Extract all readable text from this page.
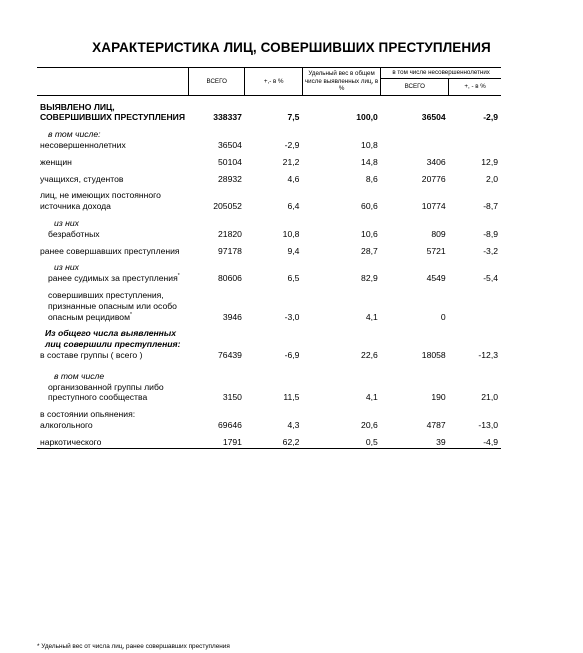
ХАРАКТЕРИСТИКА ЛИЦ, СОВЕРШИВШИХ ПРЕСТУПЛЕНИЯ
	ВСЕГО	+,- в %	Удельный вес в общем числе выявленных лиц, в %	в том числе несовершеннолетних	
				ВСЕГО	+, - в %
ВЫЯВЛЕНО ЛИЦ, СОВЕРШИВШИХ ПРЕСТУПЛЕНИЯ	338337	7,5	100,0	36504	-2,9
в том числе:					
несовершеннолетних	36504	-2,9	10,8		
женщин	50104	21,2	14,8	3406	12,9
учащихся, студентов	28932	4,6	8,6	20776	2,0
лиц, не имеющих постоянного источника дохода	205052	6,4	60,6	10774	-8,7
из них					
безработных	21820	10,8	10,6	809	-8,9
ранее совершавших преступления	97178	9,4	28,7	5721	-3,2
из них					
ранее судимых за преступления*	80606	6,5	82,9	4549	-5,4
совершивших преступления, признанные опасным или особо опасным рецидивом*	3946	-3,0	4,1	0	
Из общего числа выявленных лиц совершили преступления:					
в составе группы ( всего )	76439	-6,9	22,6	18058	-12,3
в том числе					
организованной группы либо преступного сообщества	3150	11,5	4,1	190	21,0
в состоянии опьянения:					
алкогольного	69646	4,3	20,6	4787	-13,0
наркотического	1791	62,2	0,5	39	-4,9
* Удельный вес от числа лиц, ранее совершавших преступления
